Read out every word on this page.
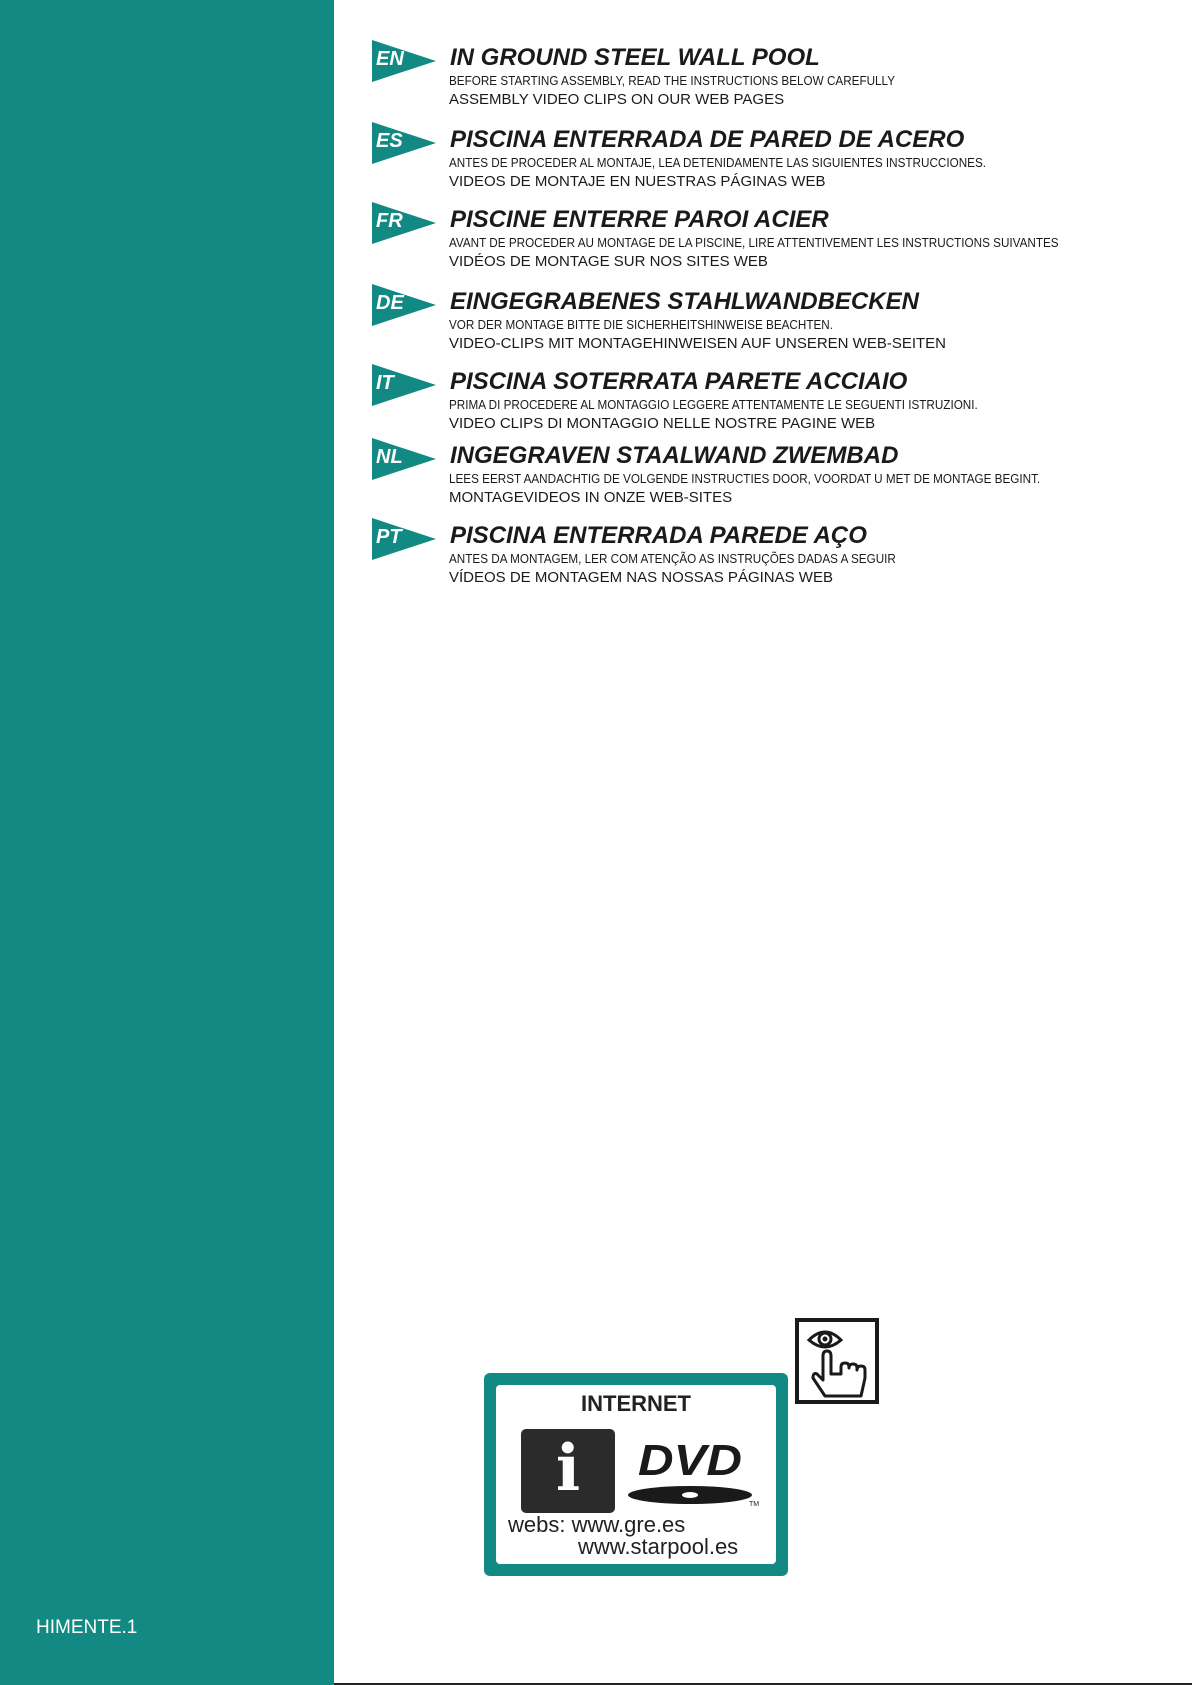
HIMENTE.1
EN IN GROUND STEEL WALL POOL
BEFORE STARTING ASSEMBLY, READ THE INSTRUCTIONS BELOW CAREFULLY
ASSEMBLY VIDEO CLIPS ON OUR WEB PAGES
ES PISCINA ENTERRADA DE PARED DE ACERO
ANTES DE PROCEDER AL MONTAJE, LEA DETENIDAMENTE LAS SIGUIENTES INSTRUCCIONES.
VIDEOS DE MONTAJE EN NUESTRAS PÁGINAS WEB
FR PISCINE ENTERRE PAROI ACIER
AVANT DE PROCEDER AU MONTAGE DE LA PISCINE, LIRE ATTENTIVEMENT LES INSTRUCTIONS SUIVANTES
VIDÉOS DE MONTAGE SUR NOS SITES WEB
DE EINGEGRABENES STAHLWANDBECKEN
VOR DER MONTAGE BITTE DIE SICHERHEITSHINWEISE BEACHTEN.
VIDEO-CLIPS MIT MONTAGEHINWEISEN AUF UNSEREN WEB-SEITEN
IT PISCINA SOTERRATA PARETE ACCIAIO
PRIMA DI PROCEDERE AL MONTAGGIO LEGGERE ATTENTAMENTE LE SEGUENTI ISTRUZIONI.
VIDEO CLIPS DI MONTAGGIO NELLE NOSTRE PAGINE WEB
NL INGEGRAVEN STAALWAND ZWEMBAD
LEES EERST AANDACHTIG DE VOLGENDE INSTRUCTIES DOOR, VOORDAT U MET DE MONTAGE BEGINT.
MONTAGEVIDEOS IN ONZE WEB-SITES
PT PISCINA ENTERRADA PAREDE AÇO
ANTES DA MONTAGEM, LER COM ATENÇÃO AS INSTRUÇÕES DADAS A SEGUIR
VÍDEOS DE MONTAGEM NAS NOSSAS PÁGINAS WEB
INTERNET
i	DVD
TM
webs: www.gre.es
www.starpool.es
